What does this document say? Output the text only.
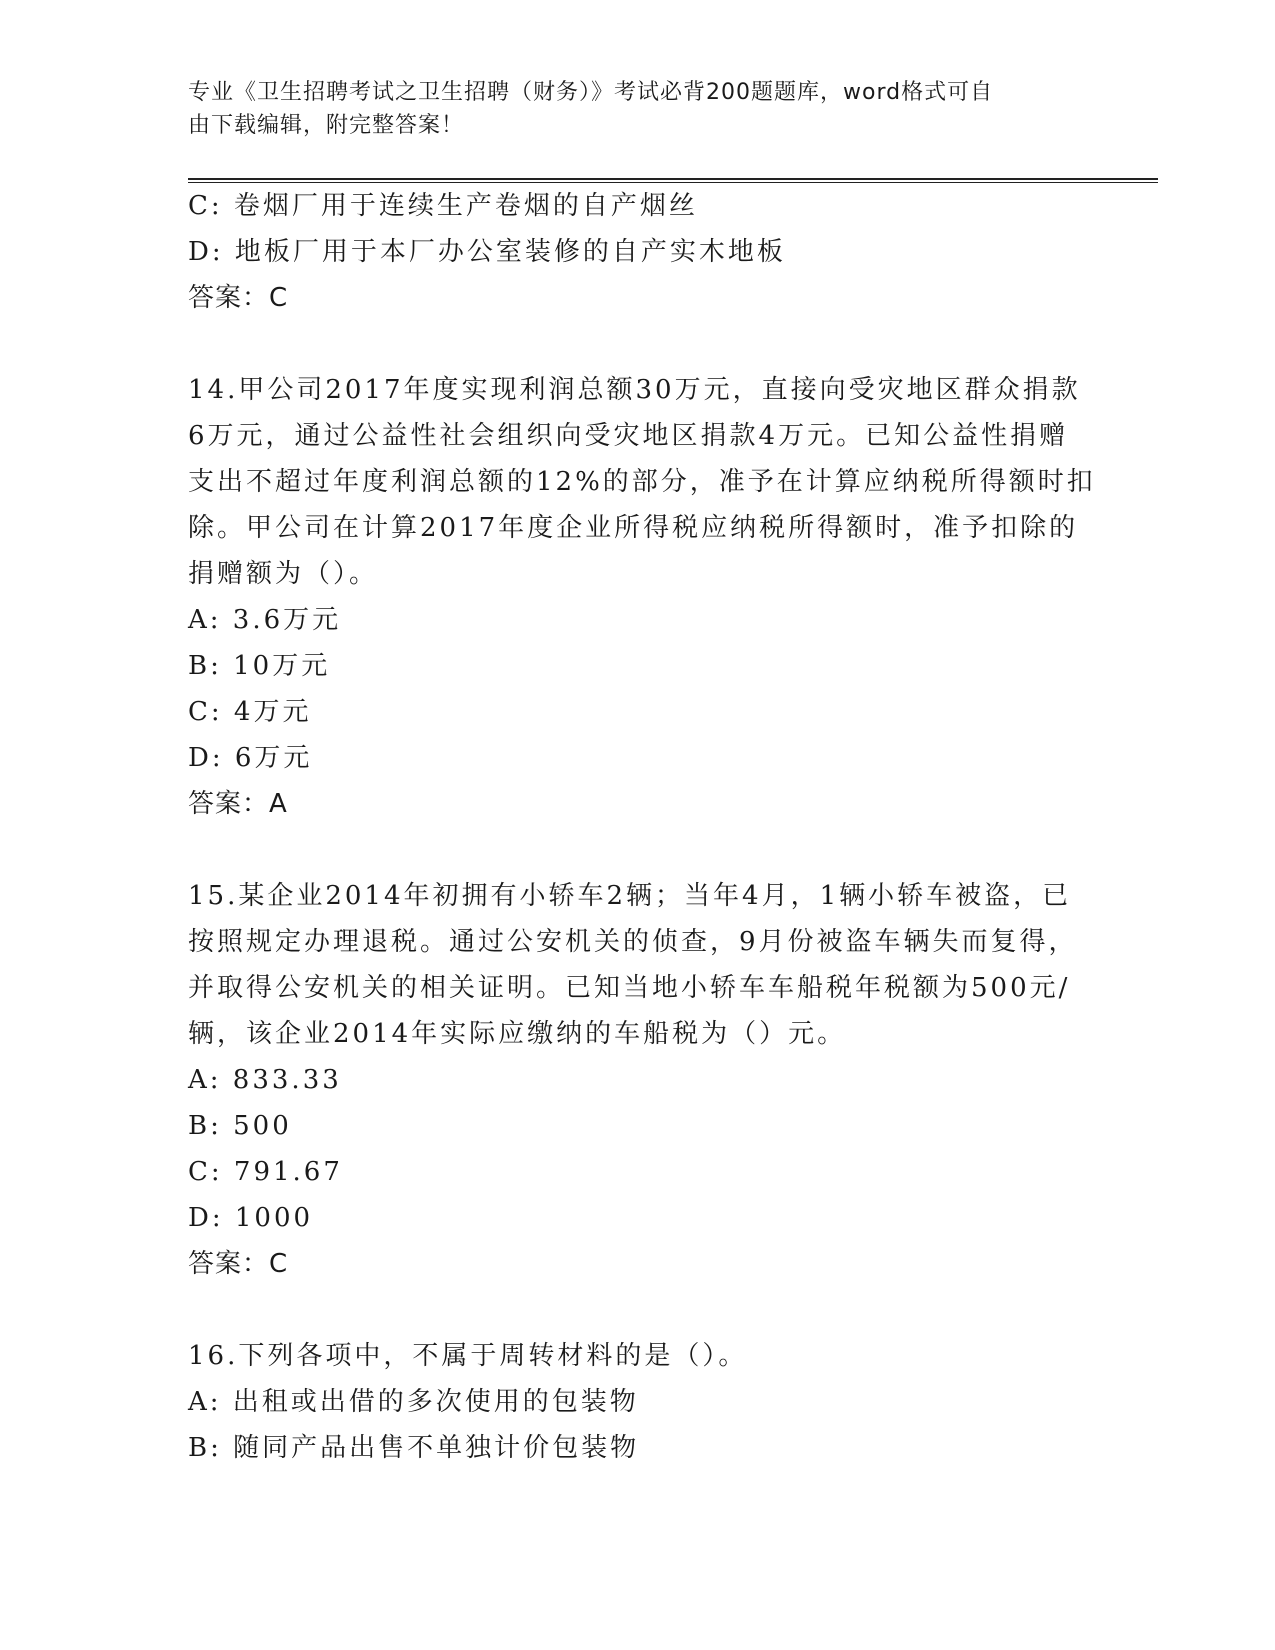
专业《卫生招聘考试之卫生招聘（财务）》考试必背200题题库，word格式可自
由下载编辑，附完整答案！
C: 卷烟厂用于连续生产卷烟的自产烟丝
D: 地板厂用于本厂办公室装修的自产实木地板
答案：C
14.甲公司2017年度实现利润总额30万元，直接向受灾地区群众捐款
6万元，通过公益性社会组织向受灾地区捐款4万元。已知公益性捐赠
支出不超过年度利润总额的12%的部分，准予在计算应纳税所得额时扣
除。甲公司在计算2017年度企业所得税应纳税所得额时，准予扣除的
捐赠额为（）。
A: 3.6万元
B: 10万元
C: 4万元
D: 6万元
答案：A
15.某企业2014年初拥有小轿车2辆；当年4月，1辆小轿车被盗，已
按照规定办理退税。通过公安机关的侦查，9月份被盗车辆失而复得，
并取得公安机关的相关证明。已知当地小轿车车船税年税额为500元/
辆，该企业2014年实际应缴纳的车船税为（）元。
A: 833.33
B: 500
C: 791.67
D: 1000
答案：C
16.下列各项中，不属于周转材料的是（）。
A: 出租或出借的多次使用的包装物
B: 随同产品出售不单独计价包装物
